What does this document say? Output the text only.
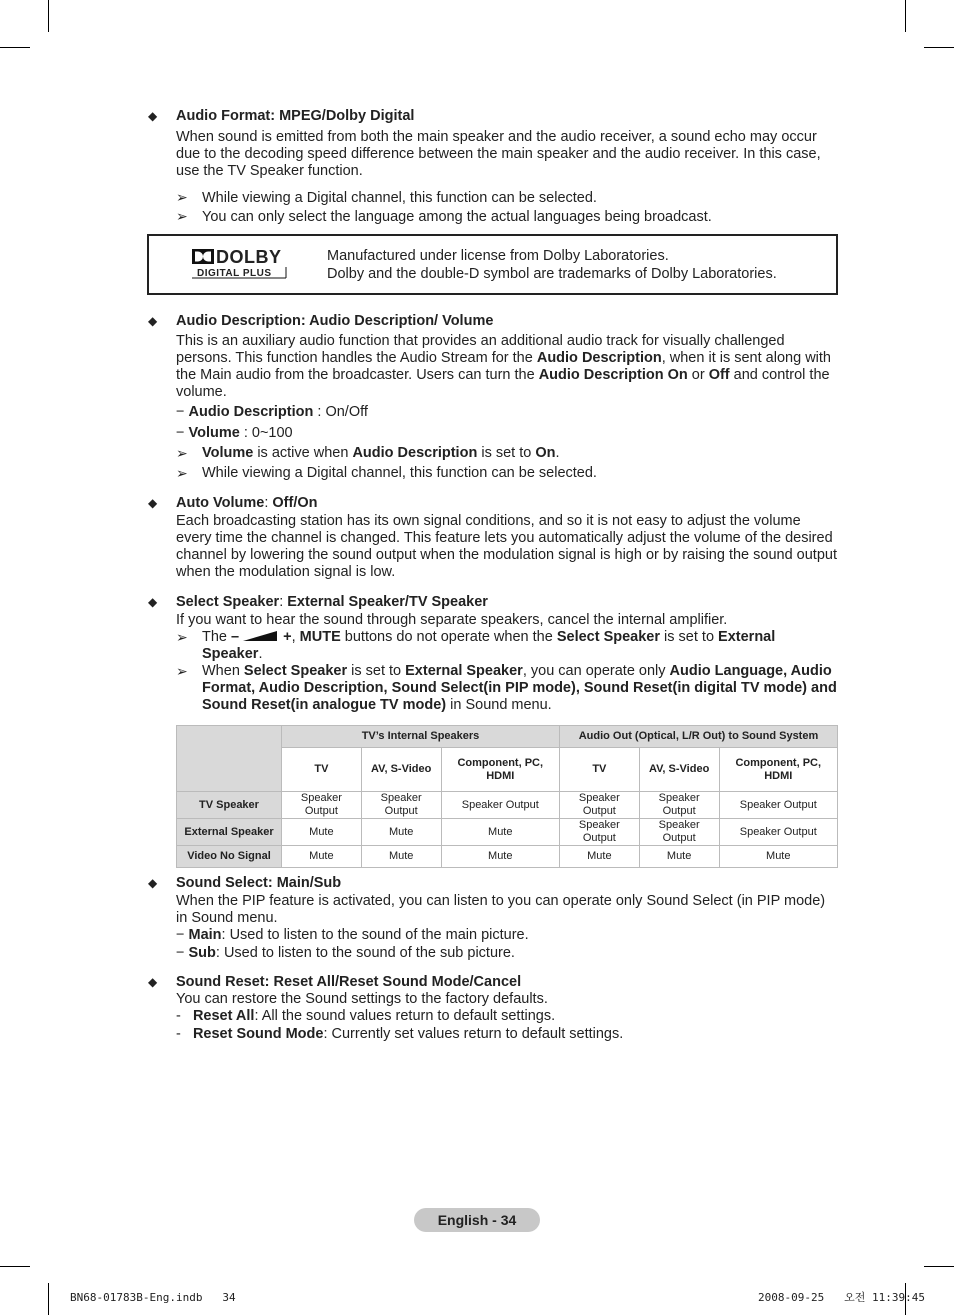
◆ Audio Format: MPEG/Dolby Digital
When sound is emitted from both the main speaker and the audio receiver, a sound echo may occur due to the decoding speed difference between the main speaker and the audio receiver. In this case, use the TV Speaker function.
➢ While viewing a Digital channel, this function can be selected.
➢ You can only select the language among the actual languages being broadcast.
DOLBY
DIGITAL PLUS
Manufactured under license from Dolby Laboratories.
Dolby and the double-D symbol are trademarks of Dolby Laboratories.
◆ Audio Description: Audio Description/ Volume
This is an auxiliary audio function that provides an additional audio track for visually challenged persons. This function handles the Audio Stream for the Audio Description, when it is sent along with the Main audio from the broadcaster. Users can turn the Audio Description On or Off and control the volume.
− Audio Description : On/Off
− Volume : 0~100
➢ Volume is active when Audio Description is set to On.
➢ While viewing a Digital channel, this function can be selected.
◆ Auto Volume: Off/On
Each broadcasting station has its own signal conditions, and so it is not easy to adjust the volume every time the channel is changed. This feature lets you automatically adjust the volume of the desired channel by lowering the sound output when the modulation signal is high or by raising the sound output when the modulation signal is low.
◆ Select Speaker: External Speaker/TV Speaker
If you want to hear the sound through separate speakers, cancel the internal amplifier.
➢ The –  +, MUTE buttons do not operate when the Select Speaker is set to External Speaker.
➢ When Select Speaker is set to External Speaker, you can operate only Audio Language, Audio Format, Audio Description, Sound Select(in PIP mode), Sound Reset(in digital TV mode) and Sound Reset(in analogue TV mode) in Sound menu.
	TV’s Internal Speakers			Audio Out (Optical, L/R Out) to Sound System		
	TV	AV, S-Video	Component, PC, HDMI	TV	AV, S-Video	Component, PC, HDMI
TV Speaker	Speaker Output	Speaker Output	Speaker Output	Speaker Output	Speaker Output	Speaker Output
External Speaker	Mute	Mute	Mute	Speaker Output	Speaker Output	Speaker Output
Video No Signal	Mute	Mute	Mute	Mute	Mute	Mute
◆ Sound Select: Main/Sub
When the PIP feature is activated, you can listen to you can operate only Sound Select (in PIP mode) in Sound menu.
− Main: Used to listen to the sound of the main picture.
− Sub: Used to listen to the sound of the sub picture.
◆ Sound Reset: Reset All/Reset Sound Mode/Cancel
You can restore the Sound settings to the factory defaults.
- Reset All: All the sound values return to default settings.
- Reset Sound Mode: Currently set values return to default settings.
English - 34
BN68-01783B-Eng.indb   34	2008-09-25   오전 11:39:45
